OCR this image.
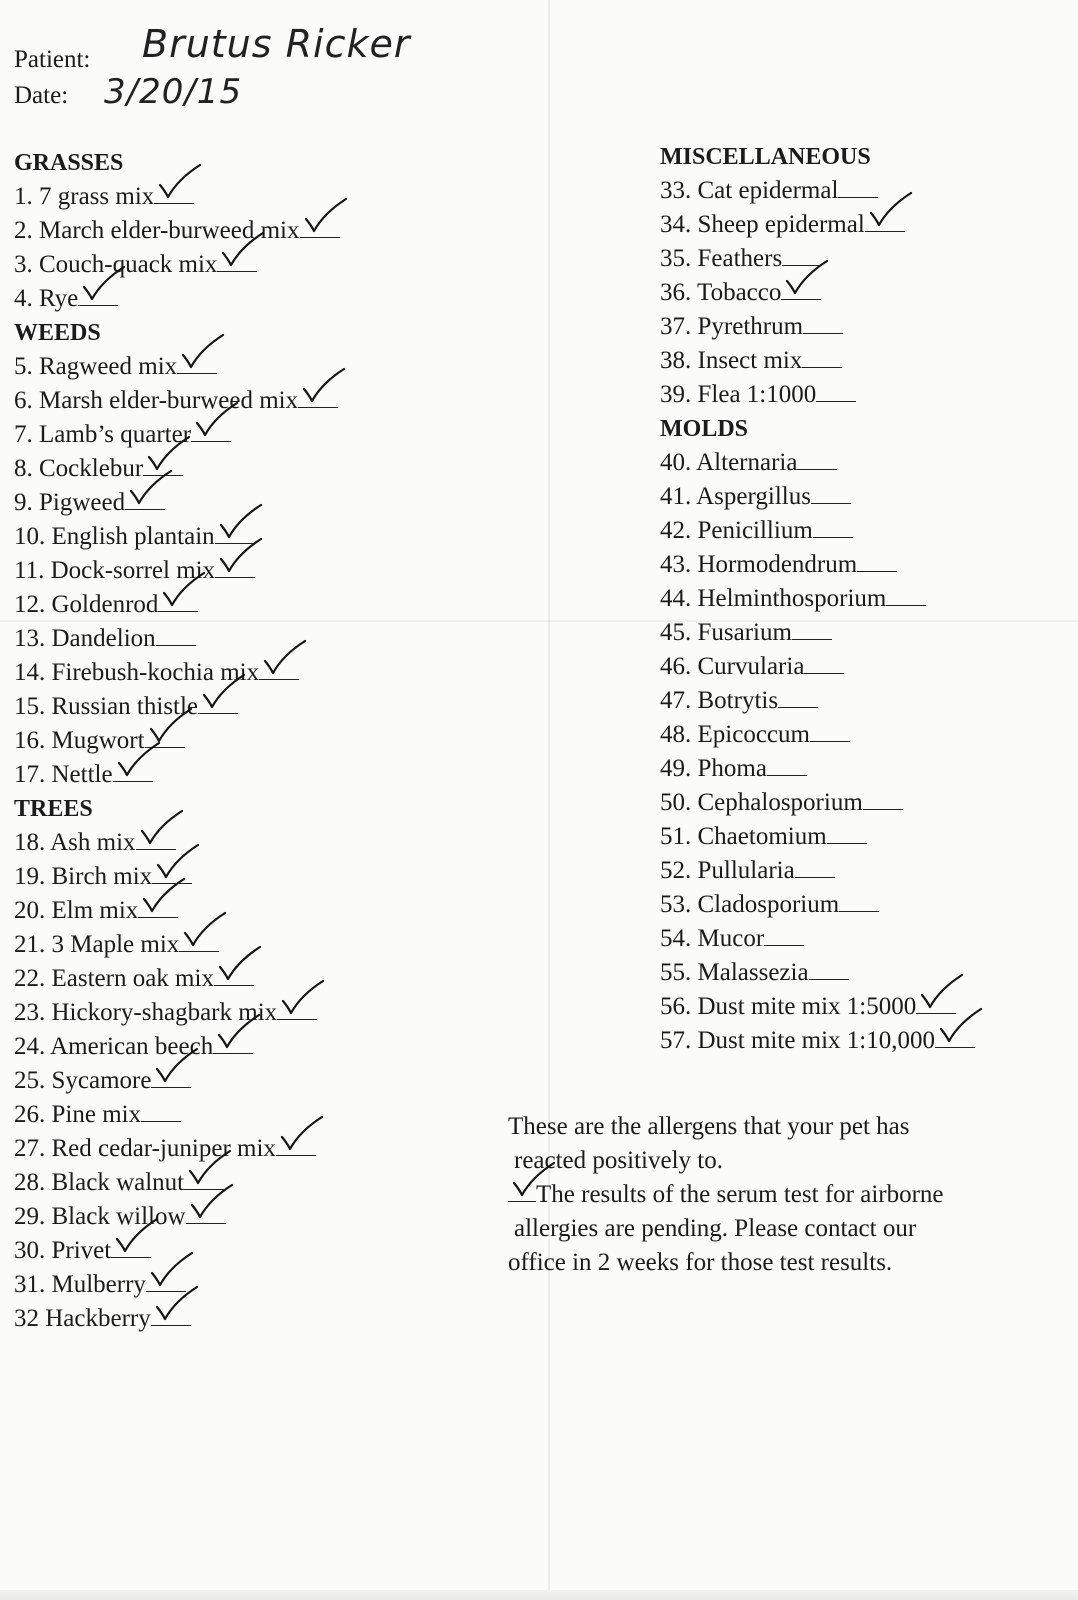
Patient: Brutus Ricker
Date: 3/20/15
GRASSES
1. 7 grass mix
2. March elder-burweed mix
3. Couch-quack mix
4. Rye
WEEDS
5. Ragweed mix
6. Marsh elder-burweed mix
7. Lamb’s quarter
8. Cocklebur
9. Pigweed
10. English plantain
11. Dock-sorrel mix
12. Goldenrod
13. Dandelion
14. Firebush-kochia mix
15. Russian thistle
16. Mugwort
17. Nettle
TREES
18. Ash mix
19. Birch mix
20. Elm mix
21. 3 Maple mix
22. Eastern oak mix
23. Hickory-shagbark mix
24. American beech
25. Sycamore
26. Pine mix
27. Red cedar-juniper mix
28. Black walnut
29. Black willow
30. Privet
31. Mulberry
32 Hackberry
MISCELLANEOUS
33. Cat epidermal
34. Sheep epidermal
35. Feathers
36. Tobacco
37. Pyrethrum
38. Insect mix
39. Flea 1:1000
MOLDS
40. Alternaria
41. Aspergillus
42. Penicillium
43. Hormodendrum
44. Helminthosporium
45. Fusarium
46. Curvularia
47. Botrytis
48. Epicoccum
49. Phoma
50. Cephalosporium
51. Chaetomium
52. Pullularia
53. Cladosporium
54. Mucor
55. Malassezia
56. Dust mite mix 1:5000
57. Dust mite mix 1:10,000
These are the allergens that your pet has
reacted positively to.
The results of the serum test for airborne
allergies are pending. Please contact our
office in 2 weeks for those test results.
